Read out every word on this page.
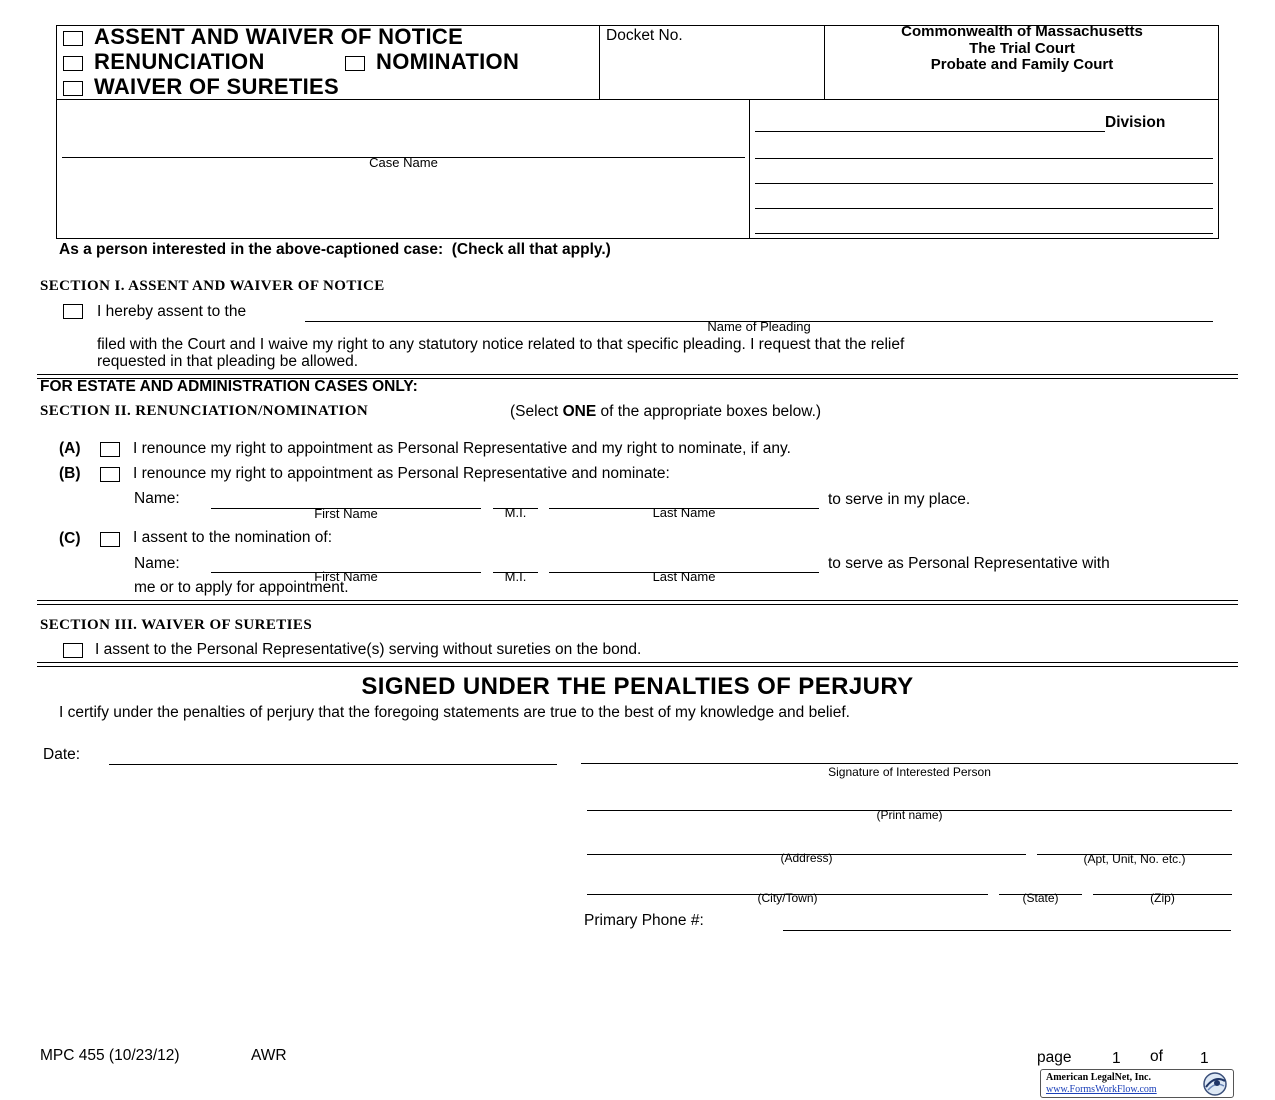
ASSENT AND WAIVER OF NOTICE
RENUNCIATION	NOMINATION
WAIVER OF SURETIES
Docket No.	Commonwealth of Massachusetts
The Trial Court
Probate and Family Court
Case Name
Division
As a person interested in the above-captioned case:  (Check all that apply.)
SECTION I. ASSENT AND WAIVER OF NOTICE
I hereby assent to the
Name of Pleading
filed with the Court and I waive my right to any statutory notice related to that specific pleading. I request that the relief
requested in that pleading be allowed.
FOR ESTATE AND ADMINISTRATION CASES ONLY:
SECTION II. RENUNCIATION/NOMINATION	(Select ONE of the appropriate boxes below.)
(A)	I renounce my right to appointment as Personal Representative and my right to nominate, if any.
(B)	I renounce my right to appointment as Personal Representative and nominate:
Name:
First Name	M.I.	Last Name
to serve in my place.
(C)	I assent to the nomination of:
Name:
First Name	M.I.	Last Name
to serve as Personal Representative with
me or to apply for appointment.
SECTION III. WAIVER OF SURETIES
I assent to the Personal Representative(s) serving without sureties on the bond.
SIGNED UNDER THE PENALTIES OF PERJURY
I certify under the penalties of perjury that the foregoing statements are true to the best of my knowledge and belief.
Date:
Signature of Interested Person
(Print name)
(Address)	(Apt, Unit, No. etc.)
(City/Town)	(State)	(Zip)
Primary Phone #:
MPC 455 (10/23/12)	AWR	page	1 of 1
American LegalNet, Inc.
www.FormsWorkFlow.com
